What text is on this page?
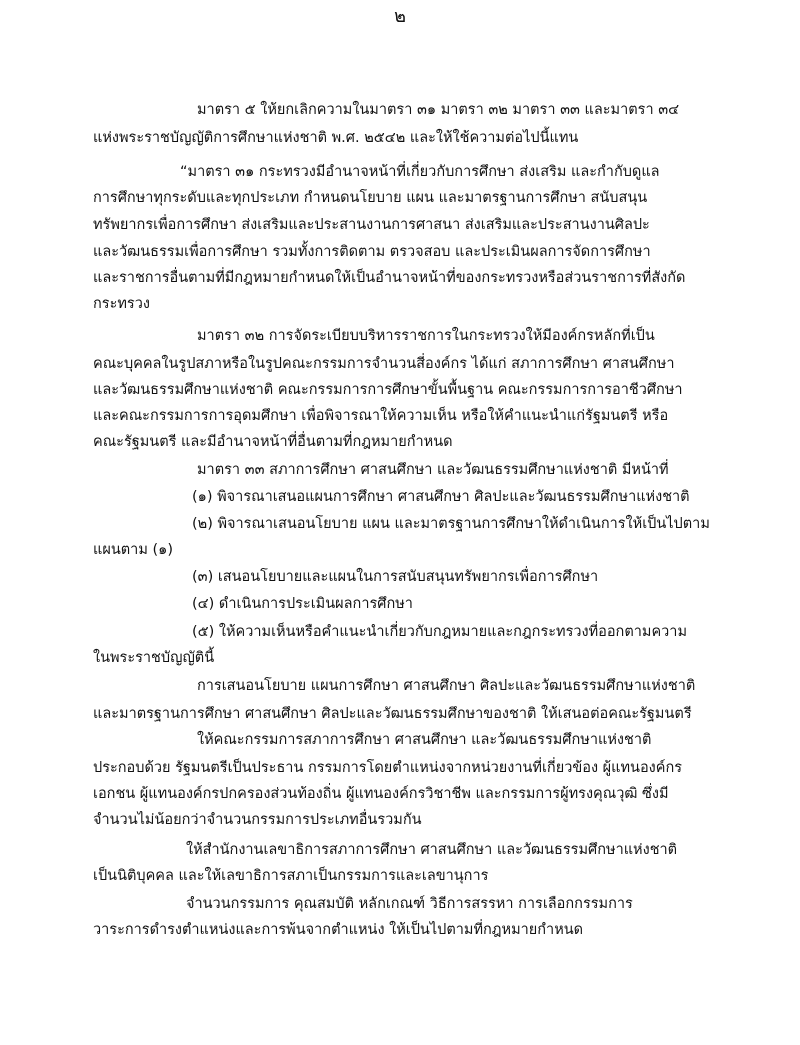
๒
มาตรา ๕ ให้ยกเลิกความในมาตรา ๓๑ มาตรา ๓๒ มาตรา ๓๓ และมาตรา ๓๔
แห่งพระราชบัญญัติการศึกษาแห่งชาติ พ.ศ. ๒๕๔๒ และให้ใช้ความต่อไปนี้แทน
“มาตรา ๓๑ กระทรวงมีอำนาจหน้าที่เกี่ยวกับการศึกษา ส่งเสริม และกำกับดูแล
การศึกษาทุกระดับและทุกประเภท กำหนดนโยบาย แผน และมาตรฐานการศึกษา สนับสนุน
ทรัพยากรเพื่อการศึกษา ส่งเสริมและประสานงานการศาสนา ส่งเสริมและประสานงานศิลปะ
และวัฒนธรรมเพื่อการศึกษา รวมทั้งการติดตาม ตรวจสอบ และประเมินผลการจัดการศึกษา
และราชการอื่นตามที่มีกฎหมายกำหนดให้เป็นอำนาจหน้าที่ของกระทรวงหรือส่วนราชการที่สังกัด
กระทรวง
มาตรา ๓๒ การจัดระเบียบบริหารราชการในกระทรวงให้มีองค์กรหลักที่เป็น
คณะบุคคลในรูปสภาหรือในรูปคณะกรรมการจำนวนสี่องค์กร ได้แก่ สภาการศึกษา ศาสนศึกษา
และวัฒนธรรมศึกษาแห่งชาติ คณะกรรมการการศึกษาขั้นพื้นฐาน คณะกรรมการการอาชีวศึกษา
และคณะกรรมการการอุดมศึกษา เพื่อพิจารณาให้ความเห็น หรือให้คำแนะนำแก่รัฐมนตรี หรือ
คณะรัฐมนตรี และมีอำนาจหน้าที่อื่นตามที่กฎหมายกำหนด
มาตรา ๓๓ สภาการศึกษา ศาสนศึกษา และวัฒนธรรมศึกษาแห่งชาติ มีหน้าที่
(๑) พิจารณาเสนอแผนการศึกษา ศาสนศึกษา ศิลปะและวัฒนธรรมศึกษาแห่งชาติ
(๒) พิจารณาเสนอนโยบาย แผน และมาตรฐานการศึกษาให้ดำเนินการให้เป็นไปตาม
แผนตาม (๑)
(๓) เสนอนโยบายและแผนในการสนับสนุนทรัพยากรเพื่อการศึกษา
(๔) ดำเนินการประเมินผลการศึกษา
(๕) ให้ความเห็นหรือคำแนะนำเกี่ยวกับกฎหมายและกฎกระทรวงที่ออกตามความ
ในพระราชบัญญัตินี้
การเสนอนโยบาย แผนการศึกษา ศาสนศึกษา ศิลปะและวัฒนธรรมศึกษาแห่งชาติ
และมาตรฐานการศึกษา ศาสนศึกษา ศิลปะและวัฒนธรรมศึกษาของชาติ ให้เสนอต่อคณะรัฐมนตรี
ให้คณะกรรมการสภาการศึกษา ศาสนศึกษา และวัฒนธรรมศึกษาแห่งชาติ
ประกอบด้วย รัฐมนตรีเป็นประธาน กรรมการโดยตำแหน่งจากหน่วยงานที่เกี่ยวข้อง ผู้แทนองค์กร
เอกชน ผู้แทนองค์กรปกครองส่วนท้องถิ่น ผู้แทนองค์กรวิชาชีพ และกรรมการผู้ทรงคุณวุฒิ ซึ่งมี
จำนวนไม่น้อยกว่าจำนวนกรรมการประเภทอื่นรวมกัน
ให้สำนักงานเลขาธิการสภาการศึกษา ศาสนศึกษา และวัฒนธรรมศึกษาแห่งชาติ
เป็นนิติบุคคล และให้เลขาธิการสภาเป็นกรรมการและเลขานุการ
จำนวนกรรมการ คุณสมบัติ หลักเกณฑ์ วิธีการสรรหา การเลือกกรรมการ
วาระการดำรงตำแหน่งและการพ้นจากตำแหน่ง ให้เป็นไปตามที่กฎหมายกำหนด
